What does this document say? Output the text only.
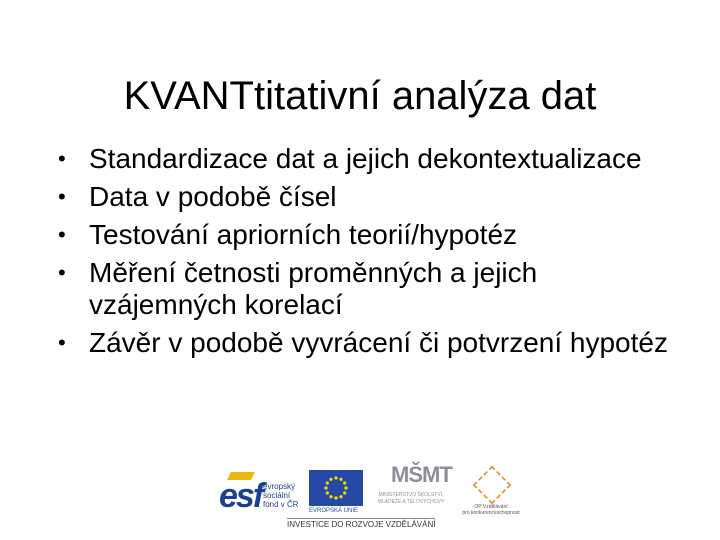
KVANTtitativní analýza dat
• Standardizace dat a jejich dekontextualizace
• Data v podobě čísel
• Testování apriorních teorií/hypotéz
• Měření četnosti proměnných a jejich vzájemných korelací
• Závěr v podobě vyvrácení či potvrzení hypotéz
esf evropský
sociální
fond v ČR
EVROPSKÁ UNIE
MŠMT
MINISTERSTVO ŠKOLSTVÍ,
MLÁDEŽE A TĚLOVÝCHOVY
OP Vzdělávání
pro konkurenceschopnost
INVESTICE DO ROZVOJE VZDĚLÁVÁNÍ
